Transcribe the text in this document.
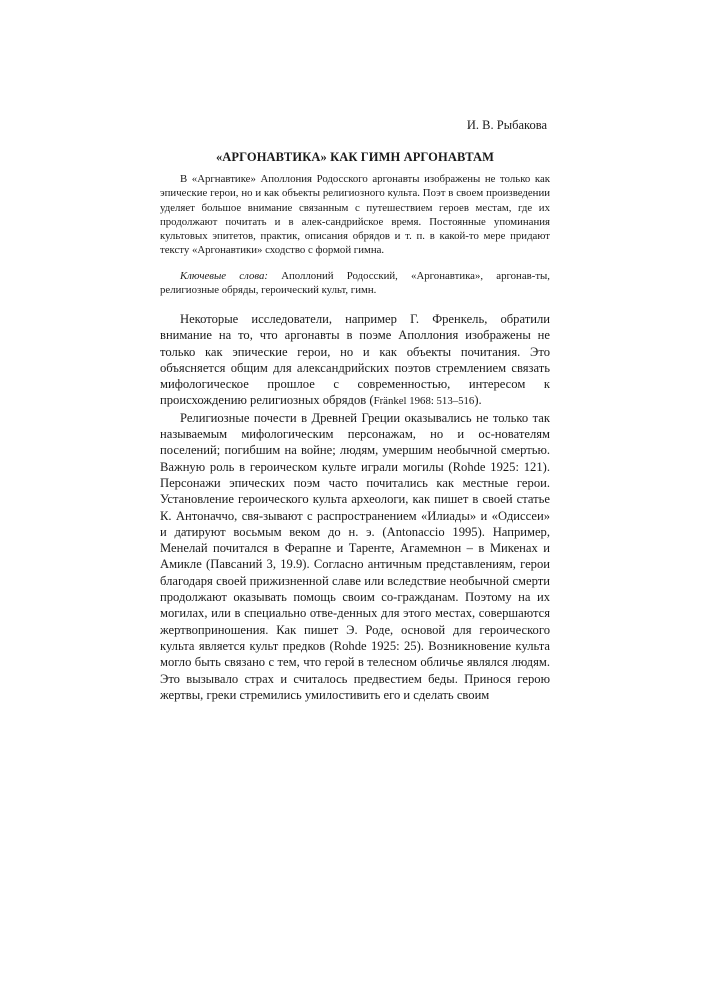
И. В. Рыбакова
«АРГОНАВТИКА» КАК ГИМН АРГОНАВТАМ

В «Аргнавтике» Аполлония Родосского аргонавты изображены не только как эпические герои, но и как объекты религиозного культа. Поэт в своем произведении уделяет большое внимание связанным с путешествием героев местам, где их продолжают почитать и в алек-сандрийское время. Постоянные упоминания культовых эпитетов, практик, описания обрядов и т. п. в какой-то мере придают тексту «Аргонавтики» сходство с формой гимна.

Ключевые слова: Аполлоний Родосский, «Аргонавтика», аргонав-ты, религиозные обряды, героический культ, гимн.

Некоторые исследователи, например Г. Френкель, обратили внимание на то, что аргонавты в поэме Аполлония изображены не только как эпические герои, но и как объекты почитания. Это объясняется общим для александрийских поэтов стремлением связать мифологическое прошлое с современностью, интересом к происхождению религиозных обрядов (Fränkel 1968: 513–516).

Религиозные почести в Древней Греции оказывались не только так называемым мифологическим персонажам, но и ос-нователям поселений; погибшим на войне; людям, умершим необычной смертью. Важную роль в героическом культе играли могилы (Rohde 1925: 121). Персонажи эпических поэм часто почитались как местные герои. Установление героического культа археологи, как пишет в своей статье К. Антоначчо, свя-зывают с распространением «Илиады» и «Одиссеи» и датируют восьмым веком до н. э. (Antonaccio 1995). Например, Менелай почитался в Ферапне и Таренте, Агамемнон – в Микенах и Амикле (Павсаний 3, 19.9). Согласно античным представлениям, герои благодаря своей прижизненной славе или вследствие необычной смерти продолжают оказывать помощь своим со-гражданам. Поэтому на их могилах, или в специально отве-денных для этого местах, совершаются жертвоприношения. Как пишет Э. Роде, основой для героического культа является культ предков (Rohde 1925: 25). Возникновение культа могло быть связано с тем, что герой в телесном обличье являлся людям. Это вызывало страх и считалось предвестием беды. Принося герою жертвы, греки стремились умилостивить его и сделать своим
